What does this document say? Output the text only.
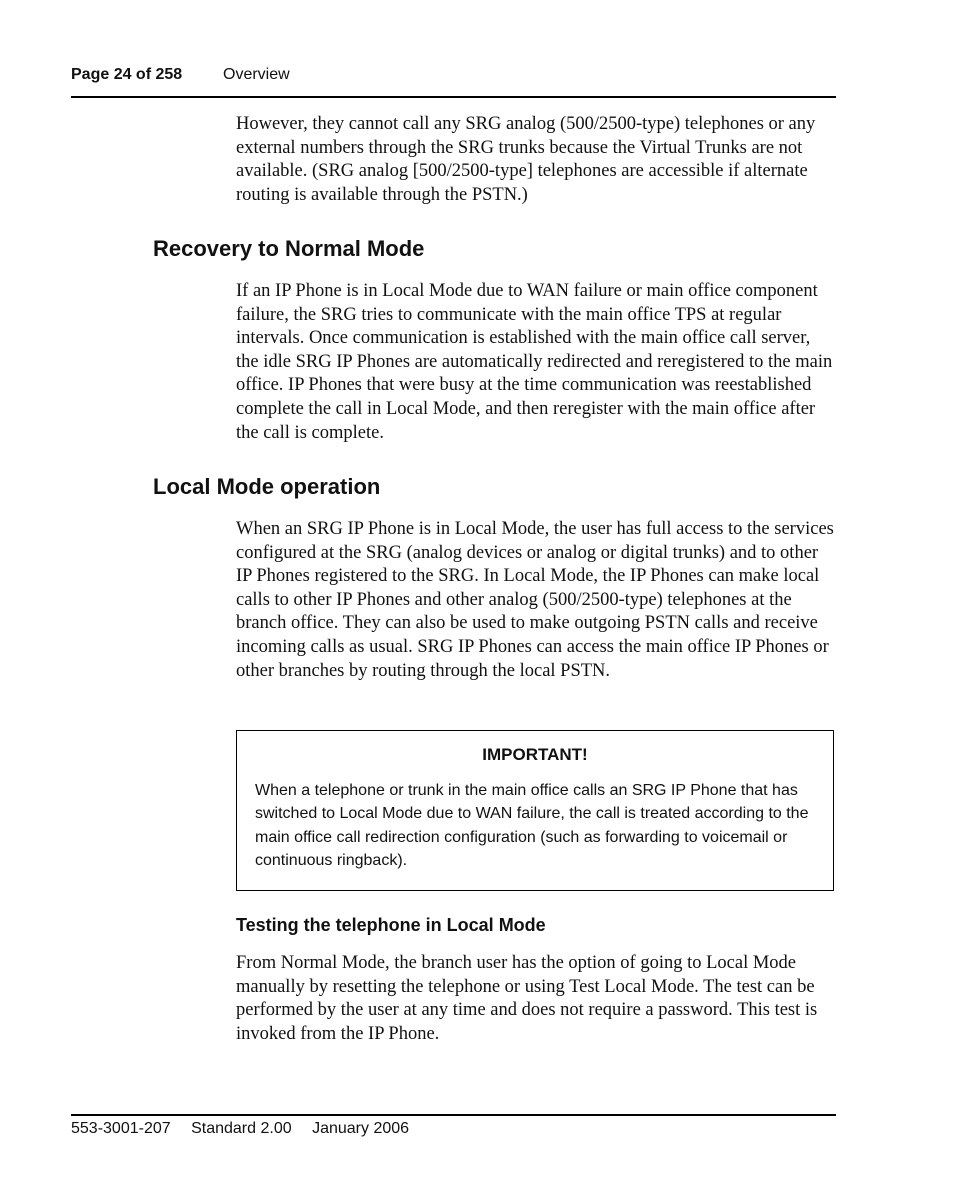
Page 24 of 258	Overview

However, they cannot call any SRG analog (500/2500-type) telephones or any external numbers through the SRG trunks because the Virtual Trunks are not available. (SRG analog [500/2500-type] telephones are accessible if alternate routing is available through the PSTN.)

Recovery to Normal Mode

If an IP Phone is in Local Mode due to WAN failure or main office component failure, the SRG tries to communicate with the main office TPS at regular intervals. Once communication is established with the main office call server, the idle SRG IP Phones are automatically redirected and reregistered to the main office. IP Phones that were busy at the time communication was reestablished complete the call in Local Mode, and then reregister with the main office after the call is complete.

Local Mode operation

When an SRG IP Phone is in Local Mode, the user has full access to the services configured at the SRG (analog devices or analog or digital trunks) and to other IP Phones registered to the SRG. In Local Mode, the IP Phones can make local calls to other IP Phones and other analog (500/2500-type) telephones at the branch office. They can also be used to make outgoing PSTN calls and receive incoming calls as usual. SRG IP Phones can access the main office IP Phones or other branches by routing through the local PSTN.

IMPORTANT!

When a telephone or trunk in the main office calls an SRG IP Phone that has switched to Local Mode due to WAN failure, the call is treated according to the main office call redirection configuration (such as forwarding to voicemail or continuous ringback).

Testing the telephone in Local Mode

From Normal Mode, the branch user has the option of going to Local Mode manually by resetting the telephone or using Test Local Mode. The test can be performed by the user at any time and does not require a password. This test is invoked from the IP Phone.

553-3001-207 Standard 2.00 January 2006
